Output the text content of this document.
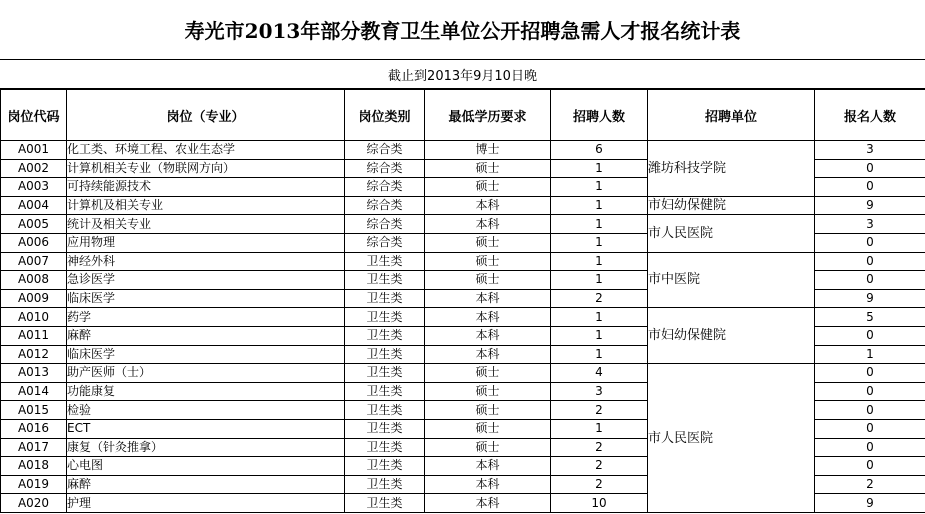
寿光市2013年部分教育卫生单位公开招聘急需人才报名统计表
截止到2013年9月10日晚
岗位代码	岗位（专业）	岗位类别	最低学历要求	招聘人数	招聘单位	报名人数
A001	化工类、环境工程、农业生态学	综合类	博士	6	潍坊科技学院	3
A002	计算机相关专业（物联网方向）	综合类	硕士	1		0
A003	可持续能源技术	综合类	硕士	1		0
A004	计算机及相关专业	综合类	本科	1	市妇幼保健院	9
A005	统计及相关专业	综合类	本科	1	市人民医院	3
A006	应用物理	综合类	硕士	1		0
A007	神经外科	卫生类	硕士	1	市中医院	0
A008	急诊医学	卫生类	硕士	1		0
A009	临床医学	卫生类	本科	2		9
A010	药学	卫生类	本科	1	市妇幼保健院	5
A011	麻醉	卫生类	本科	1		0
A012	临床医学	卫生类	本科	1		1
A013	助产医师（士）	卫生类	硕士	4	市人民医院	0
A014	功能康复	卫生类	硕士	3		0
A015	检验	卫生类	硕士	2		0
A016	ECT	卫生类	硕士	1		0
A017	康复（针灸推拿）	卫生类	硕士	2		0
A018	心电图	卫生类	本科	2		0
A019	麻醉	卫生类	本科	2		2
A020	护理	卫生类	本科	10		9
